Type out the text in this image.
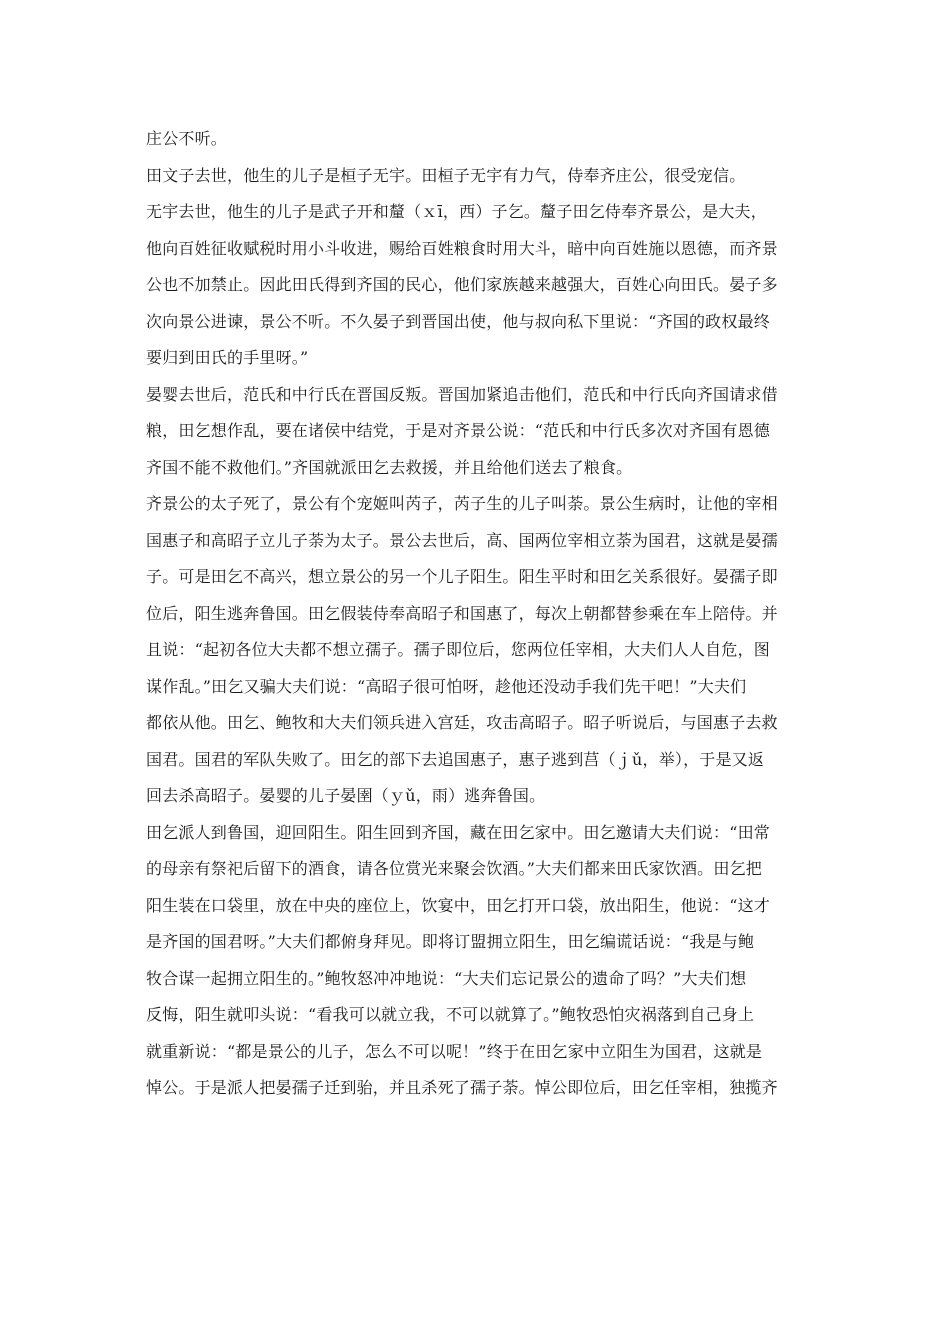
庄公不听。

田文子去世，他生的儿子是桓子无宇。田桓子无宇有力气，侍奉齐庄公，很受宠信。

无宇去世，他生的儿子是武子开和釐（ｘī，西）子乞。釐子田乞侍奉齐景公，是大夫，
他向百姓征收赋税时用小斗收进，赐给百姓粮食时用大斗，暗中向百姓施以恩德，而齐景
公也不加禁止。因此田氏得到齐国的民心，他们家族越来越强大，百姓心向田氏。晏子多
次向景公进谏，景公不听。不久晏子到晋国出使，他与叔向私下里说：“齐国的政权最终
要归到田氏的手里呀。”

晏婴去世后，范氏和中行氏在晋国反叛。晋国加紧追击他们，范氏和中行氏向齐国请求借
粮，田乞想作乱，要在诸侯中结党，于是对齐景公说：“范氏和中行氏多次对齐国有恩德
齐国不能不救他们。”齐国就派田乞去救援，并且给他们送去了粮食。

齐景公的太子死了，景公有个宠姬叫芮子，芮子生的儿子叫荼。景公生病时，让他的宰相
国惠子和高昭子立儿子荼为太子。景公去世后，高、国两位宰相立荼为国君，这就是晏孺
子。可是田乞不高兴，想立景公的另一个儿子阳生。阳生平时和田乞关系很好。晏孺子即
位后，阳生逃奔鲁国。田乞假装侍奉高昭子和国惠了，每次上朝都替参乘在车上陪侍。并
且说：“起初各位大夫都不想立孺子。孺子即位后，您两位任宰相，大夫们人人自危，图
谋作乱。”田乞又骗大夫们说：“高昭子很可怕呀，趁他还没动手我们先干吧！”大夫们
都依从他。田乞、鲍牧和大夫们领兵进入宫廷，攻击高昭子。昭子听说后，与国惠子去救
国君。国君的军队失败了。田乞的部下去追国惠子，惠子逃到莒（ｊǔ，举），于是又返
回去杀高昭子。晏婴的儿子晏圉（ｙǔ，雨）逃奔鲁国。

田乞派人到鲁国，迎回阳生。阳生回到齐国，藏在田乞家中。田乞邀请大夫们说：“田常
的母亲有祭祀后留下的酒食，请各位赏光来聚会饮酒。”大夫们都来田氏家饮酒。田乞把
阳生装在口袋里，放在中央的座位上，饮宴中，田乞打开口袋，放出阳生，他说：“这才
是齐国的国君呀。”大夫们都俯身拜见。即将订盟拥立阳生，田乞编谎话说：“我是与鲍
牧合谋一起拥立阳生的。”鲍牧怒冲冲地说：“大夫们忘记景公的遗命了吗？”大夫们想
反悔，阳生就叩头说：“看我可以就立我，不可以就算了。”鲍牧恐怕灾祸落到自己身上
就重新说：“都是景公的儿子，怎么不可以呢！”终于在田乞家中立阳生为国君，这就是
悼公。于是派人把晏孺子迁到骀，并且杀死了孺子荼。悼公即位后，田乞任宰相，独揽齐
